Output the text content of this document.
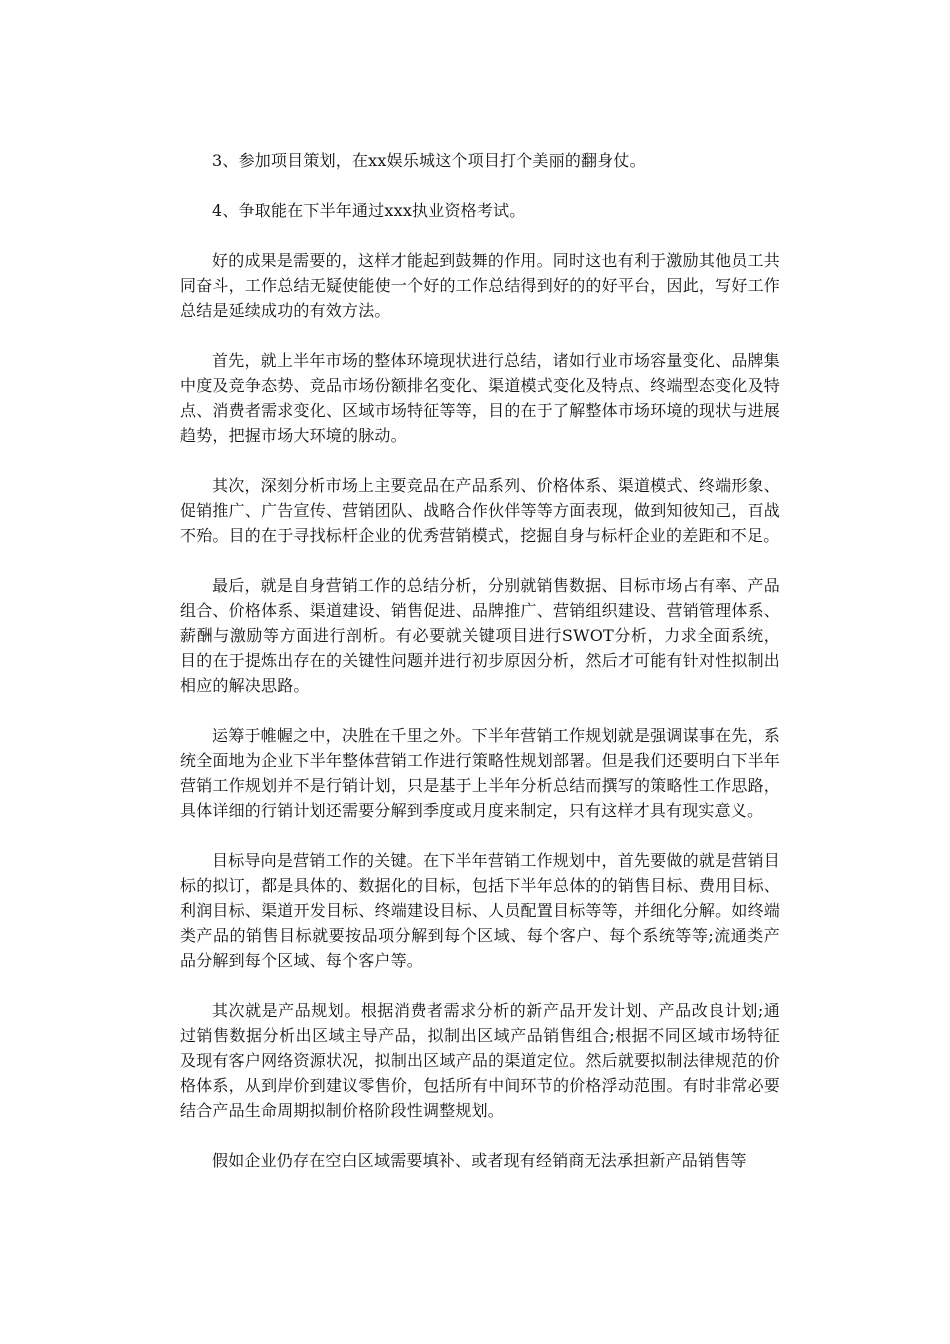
3、参加项目策划，在xx娱乐城这个项目打个美丽的翻身仗。

4、争取能在下半年通过xxx执业资格考试。

好的成果是需要的，这样才能起到鼓舞的作用。同时这也有利于激励其他员工共同奋斗，工作总结无疑使能使一个好的工作总结得到好的的好平台，因此，写好工作总结是延续成功的有效方法。

首先，就上半年市场的整体环境现状进行总结，诸如行业市场容量变化、品牌集中度及竞争态势、竞品市场份额排名变化、渠道模式变化及特点、终端型态变化及特点、消费者需求变化、区域市场特征等等，目的在于了解整体市场环境的现状与进展趋势，把握市场大环境的脉动。

其次，深刻分析市场上主要竞品在产品系列、价格体系、渠道模式、终端形象、促销推广、广告宣传、营销团队、战略合作伙伴等等方面表现，做到知彼知己，百战不殆。目的在于寻找标杆企业的优秀营销模式，挖掘自身与标杆企业的差距和不足。

最后，就是自身营销工作的总结分析，分别就销售数据、目标市场占有率、产品组合、价格体系、渠道建设、销售促进、品牌推广、营销组织建设、营销管理体系、薪酬与激励等方面进行剖析。有必要就关键项目进行SWOT分析，力求全面系统，目的在于提炼出存在的关键性问题并进行初步原因分析，然后才可能有针对性拟制出相应的解决思路。

运筹于帷幄之中，决胜在千里之外。下半年营销工作规划就是强调谋事在先，系统全面地为企业下半年整体营销工作进行策略性规划部署。但是我们还要明白下半年营销工作规划并不是行销计划，只是基于上半年分析总结而撰写的策略性工作思路，具体详细的行销计划还需要分解到季度或月度来制定，只有这样才具有现实意义。

目标导向是营销工作的关键。在下半年营销工作规划中，首先要做的就是营销目标的拟订，都是具体的、数据化的目标，包括下半年总体的的销售目标、费用目标、利润目标、渠道开发目标、终端建设目标、人员配置目标等等，并细化分解。如终端类产品的销售目标就要按品项分解到每个区域、每个客户、每个系统等等;流通类产品分解到每个区域、每个客户等。

其次就是产品规划。根据消费者需求分析的新产品开发计划、产品改良计划;通过销售数据分析出区域主导产品，拟制出区域产品销售组合;根据不同区域市场特征及现有客户网络资源状况，拟制出区域产品的渠道定位。然后就要拟制法律规范的价格体系，从到岸价到建议零售价，包括所有中间环节的价格浮动范围。有时非常必要结合产品生命周期拟制价格阶段性调整规划。

假如企业仍存在空白区域需要填补、或者现有经销商无法承担新产品销售等
